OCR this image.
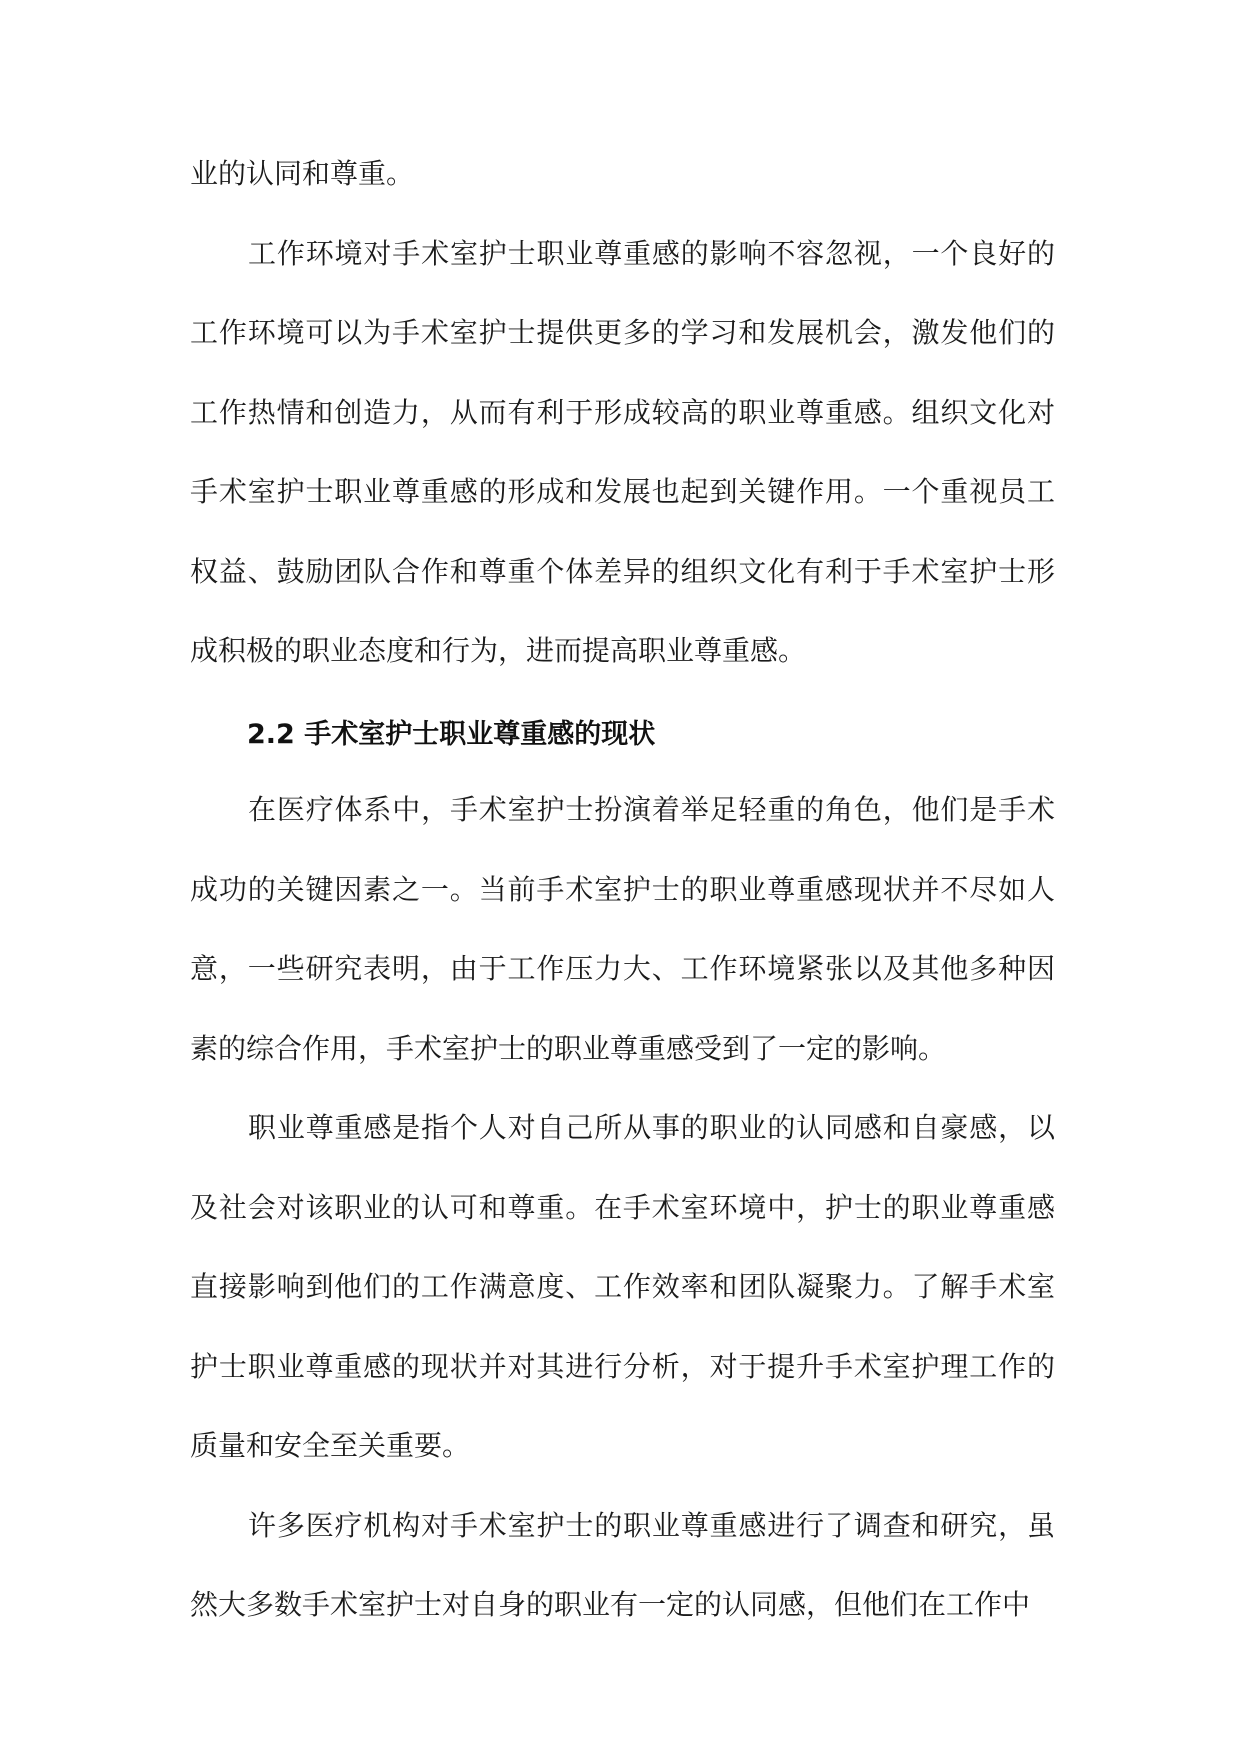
业的认同和尊重。

工作环境对手术室护士职业尊重感的影响不容忽视，一个良好的工作环境可以为手术室护士提供更多的学习和发展机会，激发他们的工作热情和创造力，从而有利于形成较高的职业尊重感。组织文化对手术室护士职业尊重感的形成和发展也起到关键作用。一个重视员工权益、鼓励团队合作和尊重个体差异的组织文化有利于手术室护士形成积极的职业态度和行为，进而提高职业尊重感。

2.2 手术室护士职业尊重感的现状

在医疗体系中，手术室护士扮演着举足轻重的角色，他们是手术成功的关键因素之一。当前手术室护士的职业尊重感现状并不尽如人意，一些研究表明，由于工作压力大、工作环境紧张以及其他多种因素的综合作用，手术室护士的职业尊重感受到了一定的影响。

职业尊重感是指个人对自己所从事的职业的认同感和自豪感，以及社会对该职业的认可和尊重。在手术室环境中，护士的职业尊重感直接影响到他们的工作满意度、工作效率和团队凝聚力。了解手术室护士职业尊重感的现状并对其进行分析，对于提升手术室护理工作的质量和安全至关重要。

许多医疗机构对手术室护士的职业尊重感进行了调查和研究，虽然大多数手术室护士对自身的职业有一定的认同感，但他们在工作中
